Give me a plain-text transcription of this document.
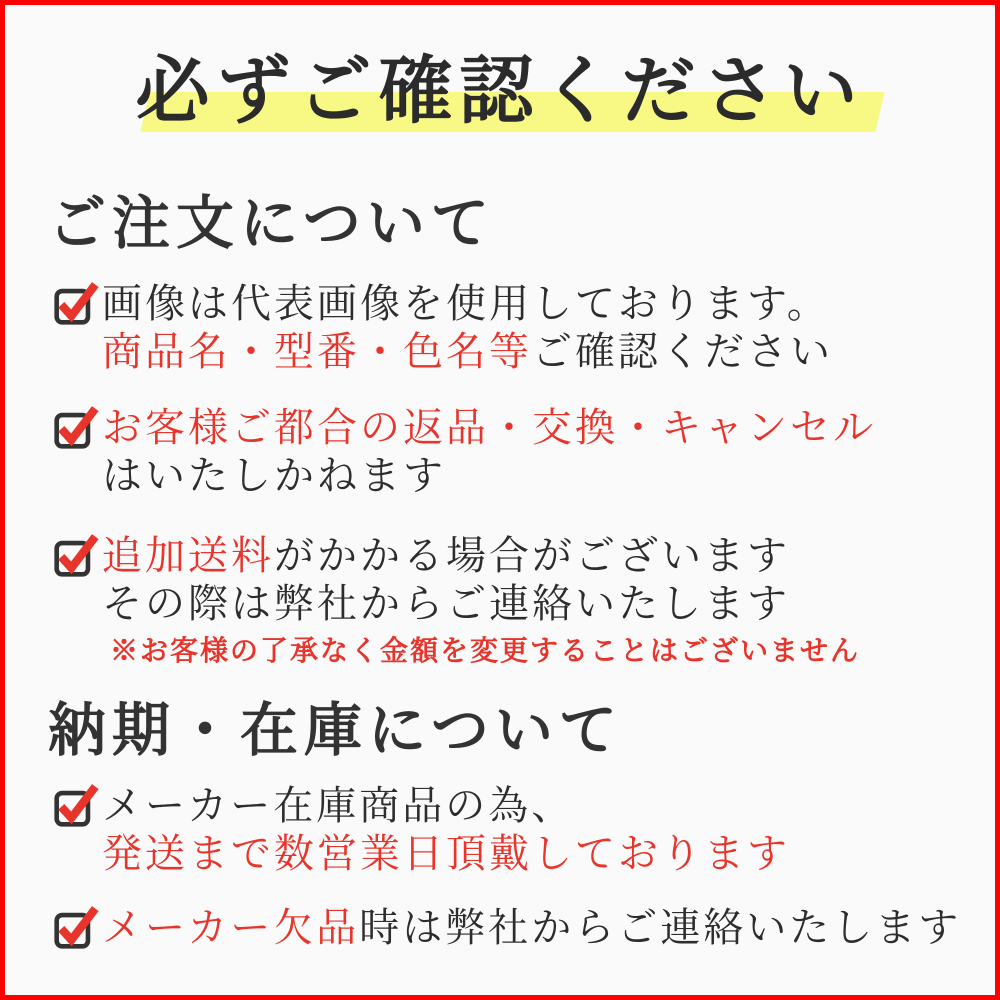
必ずご確認ください
ご注文について

画像は代表画像を使用しております。

商品名・型番・色名等ご確認ください

お客様ご都合の返品・交換・キャンセル

はいたしかねます

追加送料がかかる場合がございます

その際は弊社からご連絡いたします

※お客様の了承なく金額を変更することはございません

納期・在庫について

メーカー在庫商品の為、

発送まで数営業日頂戴しております

メーカー欠品時は弊社からご連絡いたします
